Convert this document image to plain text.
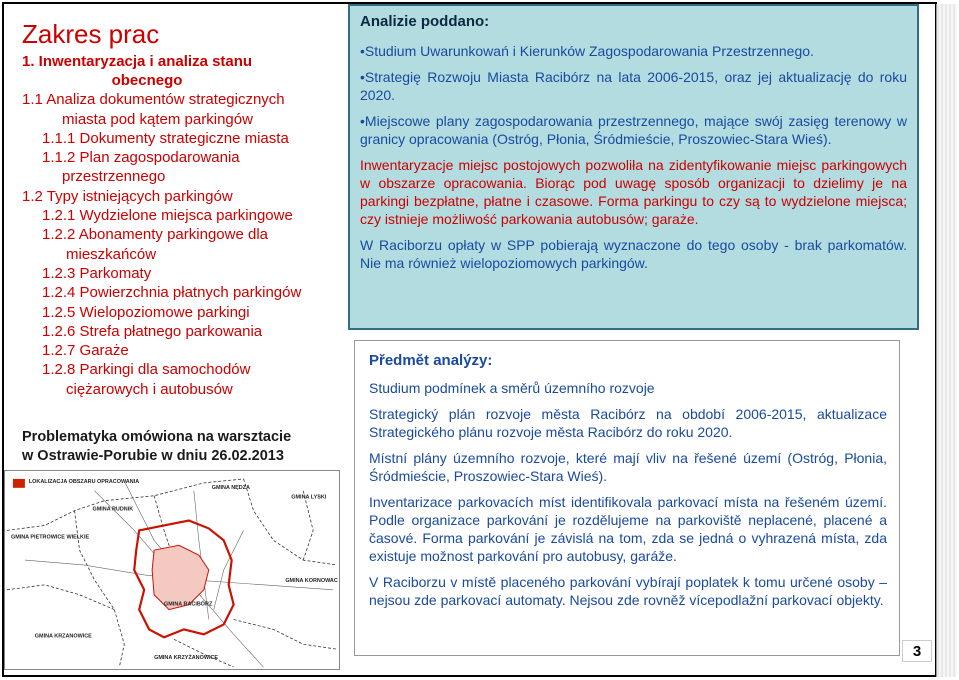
Zakres prac
1. Inwentaryzacja i analiza stanu
obecnego
1.1 Analiza dokumentów strategicznych
miasta pod kątem parkingów
1.1.1 Dokumenty strategiczne miasta
1.1.2 Plan zagospodarowania
przestrzennego
1.2 Typy istniejących parkingów
1.2.1 Wydzielone miejsca parkingowe
1.2.2 Abonamenty parkingowe dla
mieszkańców
1.2.3 Parkomaty
1.2.4 Powierzchnia płatnych parkingów
1.2.5 Wielopoziomowe parkingi
1.2.6 Strefa płatnego parkowania
1.2.7 Garaże
1.2.8 Parkingi dla samochodów
ciężarowych i autobusów
Problematyka omówiona na warsztacie
w Ostrawie-Porubie w dniu 26.02.2013
LOKALIZACJA OBSZARU OPRACOWANIA
GMINA NĘDZA
GMINA RUDNIK
GMINA PIETROWICE WIELKIE
GMINA LYSKI
GMINA KORNOWAC
GMINA RACIBÓRZ
GMINA KRZANOWICE
GMINA KRZYŻANOWICE
Analizie poddano:

•Studium Uwarunkowań i Kierunków Zagospodarowania Przestrzennego.

•Strategię Rozwoju Miasta Racibórz na lata 2006-2015, oraz jej aktualizację do roku 2020.

•Miejscowe plany zagospodarowania przestrzennego, mające swój zasięg terenowy w granicy opracowania (Ostróg, Płonia, Śródmieście, Proszowiec-Stara Wieś).

Inwentaryzacje miejsc postojowych pozwoliła na zidentyfikowanie miejsc parkingowych w obszarze opracowania. Biorąc pod uwagę sposób organizacji to dzielimy je na parkingi bezpłatne, płatne i czasowe. Forma parkingu to czy są to wydzielone miejsca; czy istnieje możliwość parkowania autobusów; garaże.

W Raciborzu opłaty w SPP pobierają wyznaczone do tego osoby - brak parkomatów. Nie ma również wielopoziomowych parkingów.

Předmět analýzy:

Studium podmínek a směrů územního rozvoje

Strategický plán rozvoje města Racibórz na období 2006-2015, aktualizace Strategického plánu rozvoje města Racibórz do roku 2020.

Místní plány územního rozvoje, které mají vliv na řešené území (Ostróg, Płonia, Śródmieście, Proszowiec-Stara Wieś).

Inventarizace parkovacích míst identifikovala parkovací místa na řešeném území. Podle organizace parkování je rozdělujeme na parkoviště neplacené, placené a časové. Forma parkování je závislá na tom, zda se jedná o vyhrazená místa, zda existuje možnost parkování pro autobusy, garáže.

V Raciborzu v místě placeného parkování vybírají poplatek k tomu určené osoby – nejsou zde parkovací automaty. Nejsou zde rovněž vícepodlažní parkovací objekty.

3
